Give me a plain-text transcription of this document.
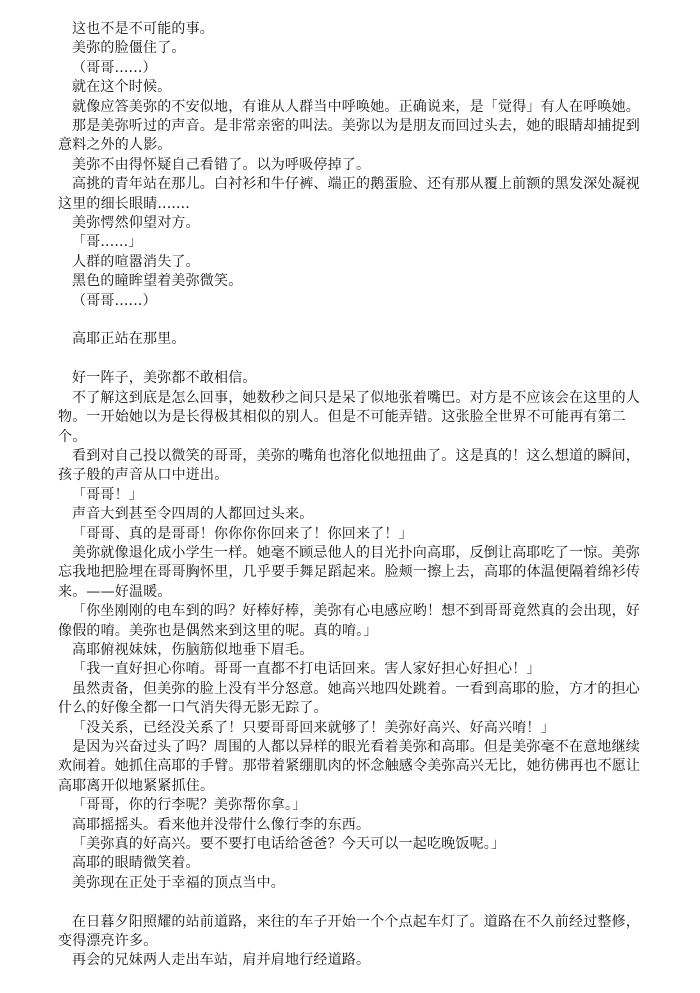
这也不是不可能的事。

美弥的脸僵住了。

（哥哥......）

就在这个时候。

就像应答美弥的不安似地，有谁从人群当中呼唤她。正确说来，是「觉得」有人在呼唤她。

那是美弥听过的声音。是非常亲密的叫法。美弥以为是朋友而回过头去，她的眼睛却捕捉到意料之外的人影。

美弥不由得怀疑自己看错了。以为呼吸停掉了。

高挑的青年站在那儿。白衬衫和牛仔裤、端正的鹅蛋脸、还有那从覆上前额的黑发深处凝视这里的细长眼睛.......

美弥愕然仰望对方。

「哥......」

人群的喧嚣消失了。

黑色的瞳眸望着美弥微笑。

（哥哥......）

高耶正站在那里。

好一阵子，美弥都不敢相信。

不了解这到底是怎么回事，她数秒之间只是呆了似地张着嘴巴。对方是不应该会在这里的人物。一开始她以为是长得极其相似的别人。但是不可能弄错。这张脸全世界不可能再有第二个。

看到对自己投以微笑的哥哥，美弥的嘴角也溶化似地扭曲了。这是真的！这么想道的瞬间，孩子般的声音从口中迸出。

「哥哥！」

声音大到甚至令四周的人都回过头来。

「哥哥、真的是哥哥！你你你你回来了！你回来了！」

美弥就像退化成小学生一样。她毫不顾忌他人的目光扑向高耶，反倒让高耶吃了一惊。美弥忘我地把脸埋在哥哥胸怀里，几乎要手舞足蹈起来。脸颊一擦上去，高耶的体温便隔着绵衫传来。——好温暖。

「你坐刚刚的电车到的吗？好棒好棒，美弥有心电感应哟！想不到哥哥竟然真的会出现，好像假的唷。美弥也是偶然来到这里的呢。真的唷。」

高耶俯视妹妹，伤脑筋似地垂下眉毛。

「我一直好担心你唷。哥哥一直都不打电话回来。害人家好担心好担心！」

虽然责备，但美弥的脸上没有半分怒意。她高兴地四处跳着。一看到高耶的脸，方才的担心什么的好像全都一口气消失得无影无踪了。

「没关系，已经没关系了！只要哥哥回来就够了！美弥好高兴、好高兴唷！」

是因为兴奋过头了吗？周围的人都以异样的眼光看着美弥和高耶。但是美弥毫不在意地继续欢闹着。她抓住高耶的手臂。那带着紧绷肌肉的怀念触感令美弥高兴无比，她彷佛再也不愿让高耶离开似地紧紧抓住。

「哥哥，你的行李呢？美弥帮你拿。」

高耶摇摇头。看来他并没带什么像行李的东西。

「美弥真的好高兴。要不要打电话给爸爸？今天可以一起吃晚饭呢。」

高耶的眼睛微笑着。

美弥现在正处于幸福的顶点当中。

在日暮夕阳照耀的站前道路，来往的车子开始一个个点起车灯了。道路在不久前经过整修，变得漂亮许多。

再会的兄妹两人走出车站，肩并肩地行经道路。
